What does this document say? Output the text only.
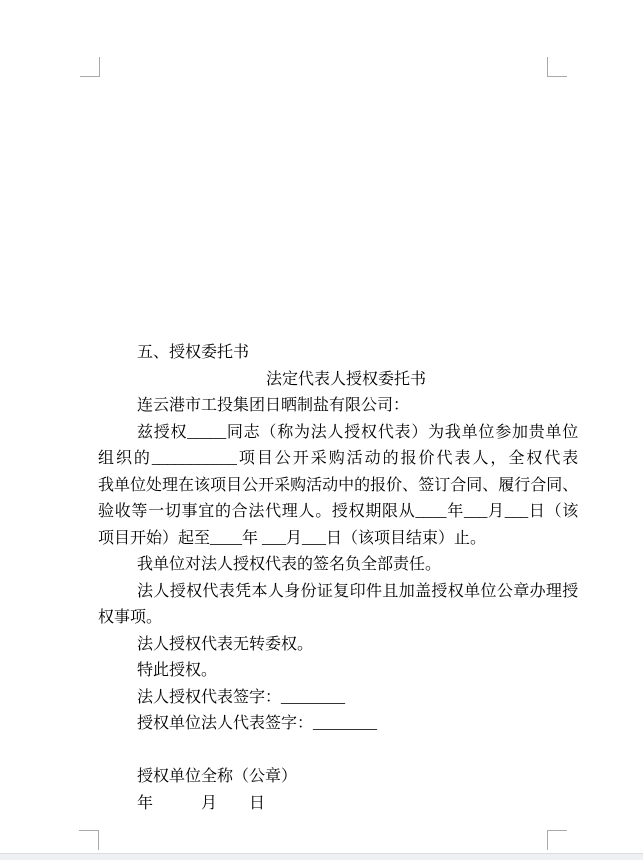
五、授权委托书
法定代表人授权委托书
连云港市工投集团日晒制盐有限公司：
兹授权_____同志（称为法人授权代表）为我单位参加贵单位
组织的___________项目公开采购活动的报价代表人，全权代表
我单位处理在该项目公开采购活动中的报价、签订合同、履行合同、
验收等一切事宜的合法代理人。授权期限从____年___月___日（该
项目开始）起至____年 ___月___日（该项目结束）止。
我单位对法人授权代表的签名负全部责任。
法人授权代表凭本人身份证复印件且加盖授权单位公章办理授
权事项。
法人授权代表无转委权。
特此授权。
法人授权代表签字：________
授权单位法人代表签字：________
授权单位全称（公章）
年　　　月　　日
